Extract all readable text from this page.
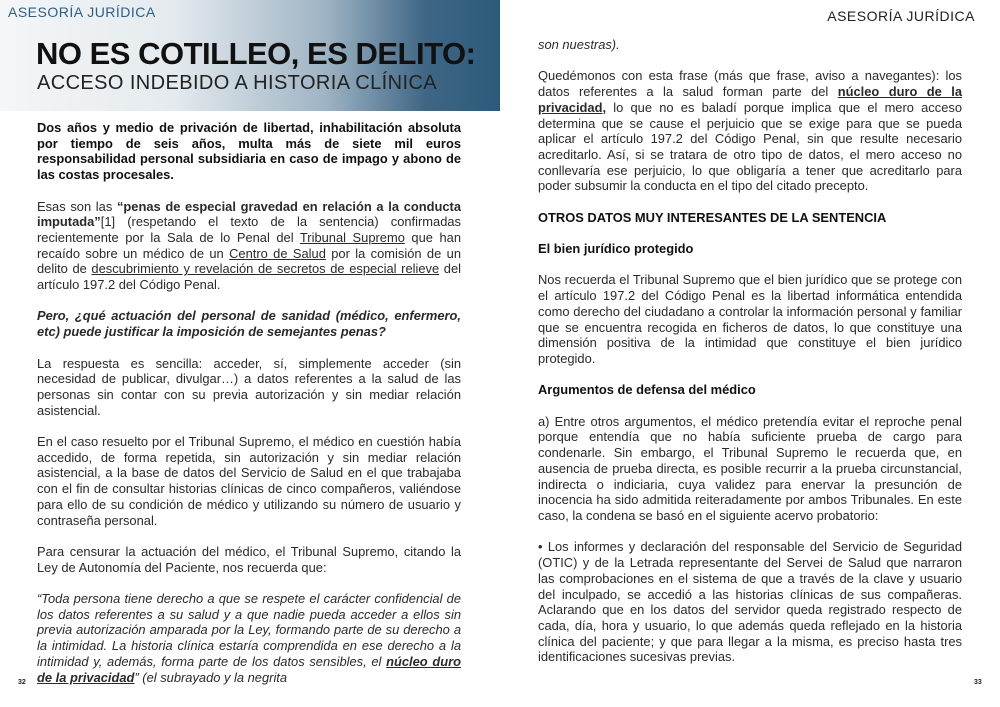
ASESORÍA JURÍDICA
NO ES COTILLEO, ES DELITO:
ACCESO INDEBIDO A HISTORIA CLÍNICA

Dos años y medio de privación de libertad, inhabilitación absoluta por tiempo de seis años, multa más de siete mil euros responsabilidad personal subsidiaria en caso de impago y abono de las costas procesales.

Esas son las “penas de especial gravedad en relación a la conducta imputada”[1] (respetando el texto de la sentencia) confirmadas recientemente por la Sala de lo Penal del Tribunal Supremo que han recaído sobre un médico de un Centro de Salud por la comisión de un delito de descubrimiento y revelación de secretos de especial relieve del artículo 197.2 del Código Penal.

Pero, ¿qué actuación del personal de sanidad (médico, enfermero, etc) puede justificar la imposición de semejantes penas?

La respuesta es sencilla: acceder, sí, simplemente acceder (sin necesidad de publicar, divulgar…) a datos referentes a la salud de las personas sin contar con su previa autorización y sin mediar relación asistencial.

En el caso resuelto por el Tribunal Supremo, el médico en cuestión había accedido, de forma repetida, sin autorización y sin mediar relación asistencial, a la base de datos del Servicio de Salud en el que trabajaba con el fin de consultar historias clínicas de cinco compañeros, valiéndose para ello de su condición de médico y utilizando su número de usuario y contraseña personal.

Para censurar la actuación del médico, el Tribunal Supremo, citando la Ley de Autonomía del Paciente, nos recuerda que:

“Toda persona tiene derecho a que se respete el carácter confidencial de los datos referentes a su salud y a que nadie pueda acceder a ellos sin previa autorización amparada por la Ley, formando parte de su derecho a la intimidad. La historia clínica estaría comprendida en ese derecho a la intimidad y, además, forma parte de los datos sensibles, el núcleo duro de la privacidad” (el subrayado y la negrita

32
ASESORÍA JURÍDICA

son nuestras).

Quedémonos con esta frase (más que frase, aviso a navegantes): los datos referentes a la salud forman parte del núcleo duro de la privacidad, lo que no es baladí porque implica que el mero acceso determina que se cause el perjuicio que se exige para que se pueda aplicar el artículo 197.2 del Código Penal, sin que resulte necesario acreditarlo. Así, si se tratara de otro tipo de datos, el mero acceso no conllevaría ese perjuicio, lo que obligaría a tener que acreditarlo para poder subsumir la conducta en el tipo del citado precepto.

OTROS DATOS MUY INTERESANTES DE LA SENTENCIA

El bien jurídico protegido

Nos recuerda el Tribunal Supremo que el bien jurídico que se protege con el artículo 197.2 del Código Penal es la libertad informática entendida como derecho del ciudadano a controlar la información personal y familiar que se encuentra recogida en ficheros de datos, lo que constituye una dimensión positiva de la intimidad que constituye el bien jurídico protegido.

Argumentos de defensa del médico

a) Entre otros argumentos, el médico pretendía evitar el reproche penal porque entendía que no había suficiente prueba de cargo para condenarle. Sin embargo, el Tribunal Supremo le recuerda que, en ausencia de prueba directa, es posible recurrir a la prueba circunstancial, indirecta o indiciaria, cuya validez para enervar la presunción de inocencia ha sido admitida reiteradamente por ambos Tribunales. En este caso, la condena se basó en el siguiente acervo probatorio:

• Los informes y declaración del responsable del Servicio de Seguridad (OTIC) y de la Letrada representante del Servei de Salud que narraron las comprobaciones en el sistema de que a través de la clave y usuario del inculpado, se accedió a las historias clínicas de sus compañeras. Aclarando que en los datos del servidor queda registrado respecto de cada, día, hora y usuario, lo que además queda reflejado en la historia clínica del paciente; y que para llegar a la misma, es preciso hasta tres identificaciones sucesivas previas.

33
